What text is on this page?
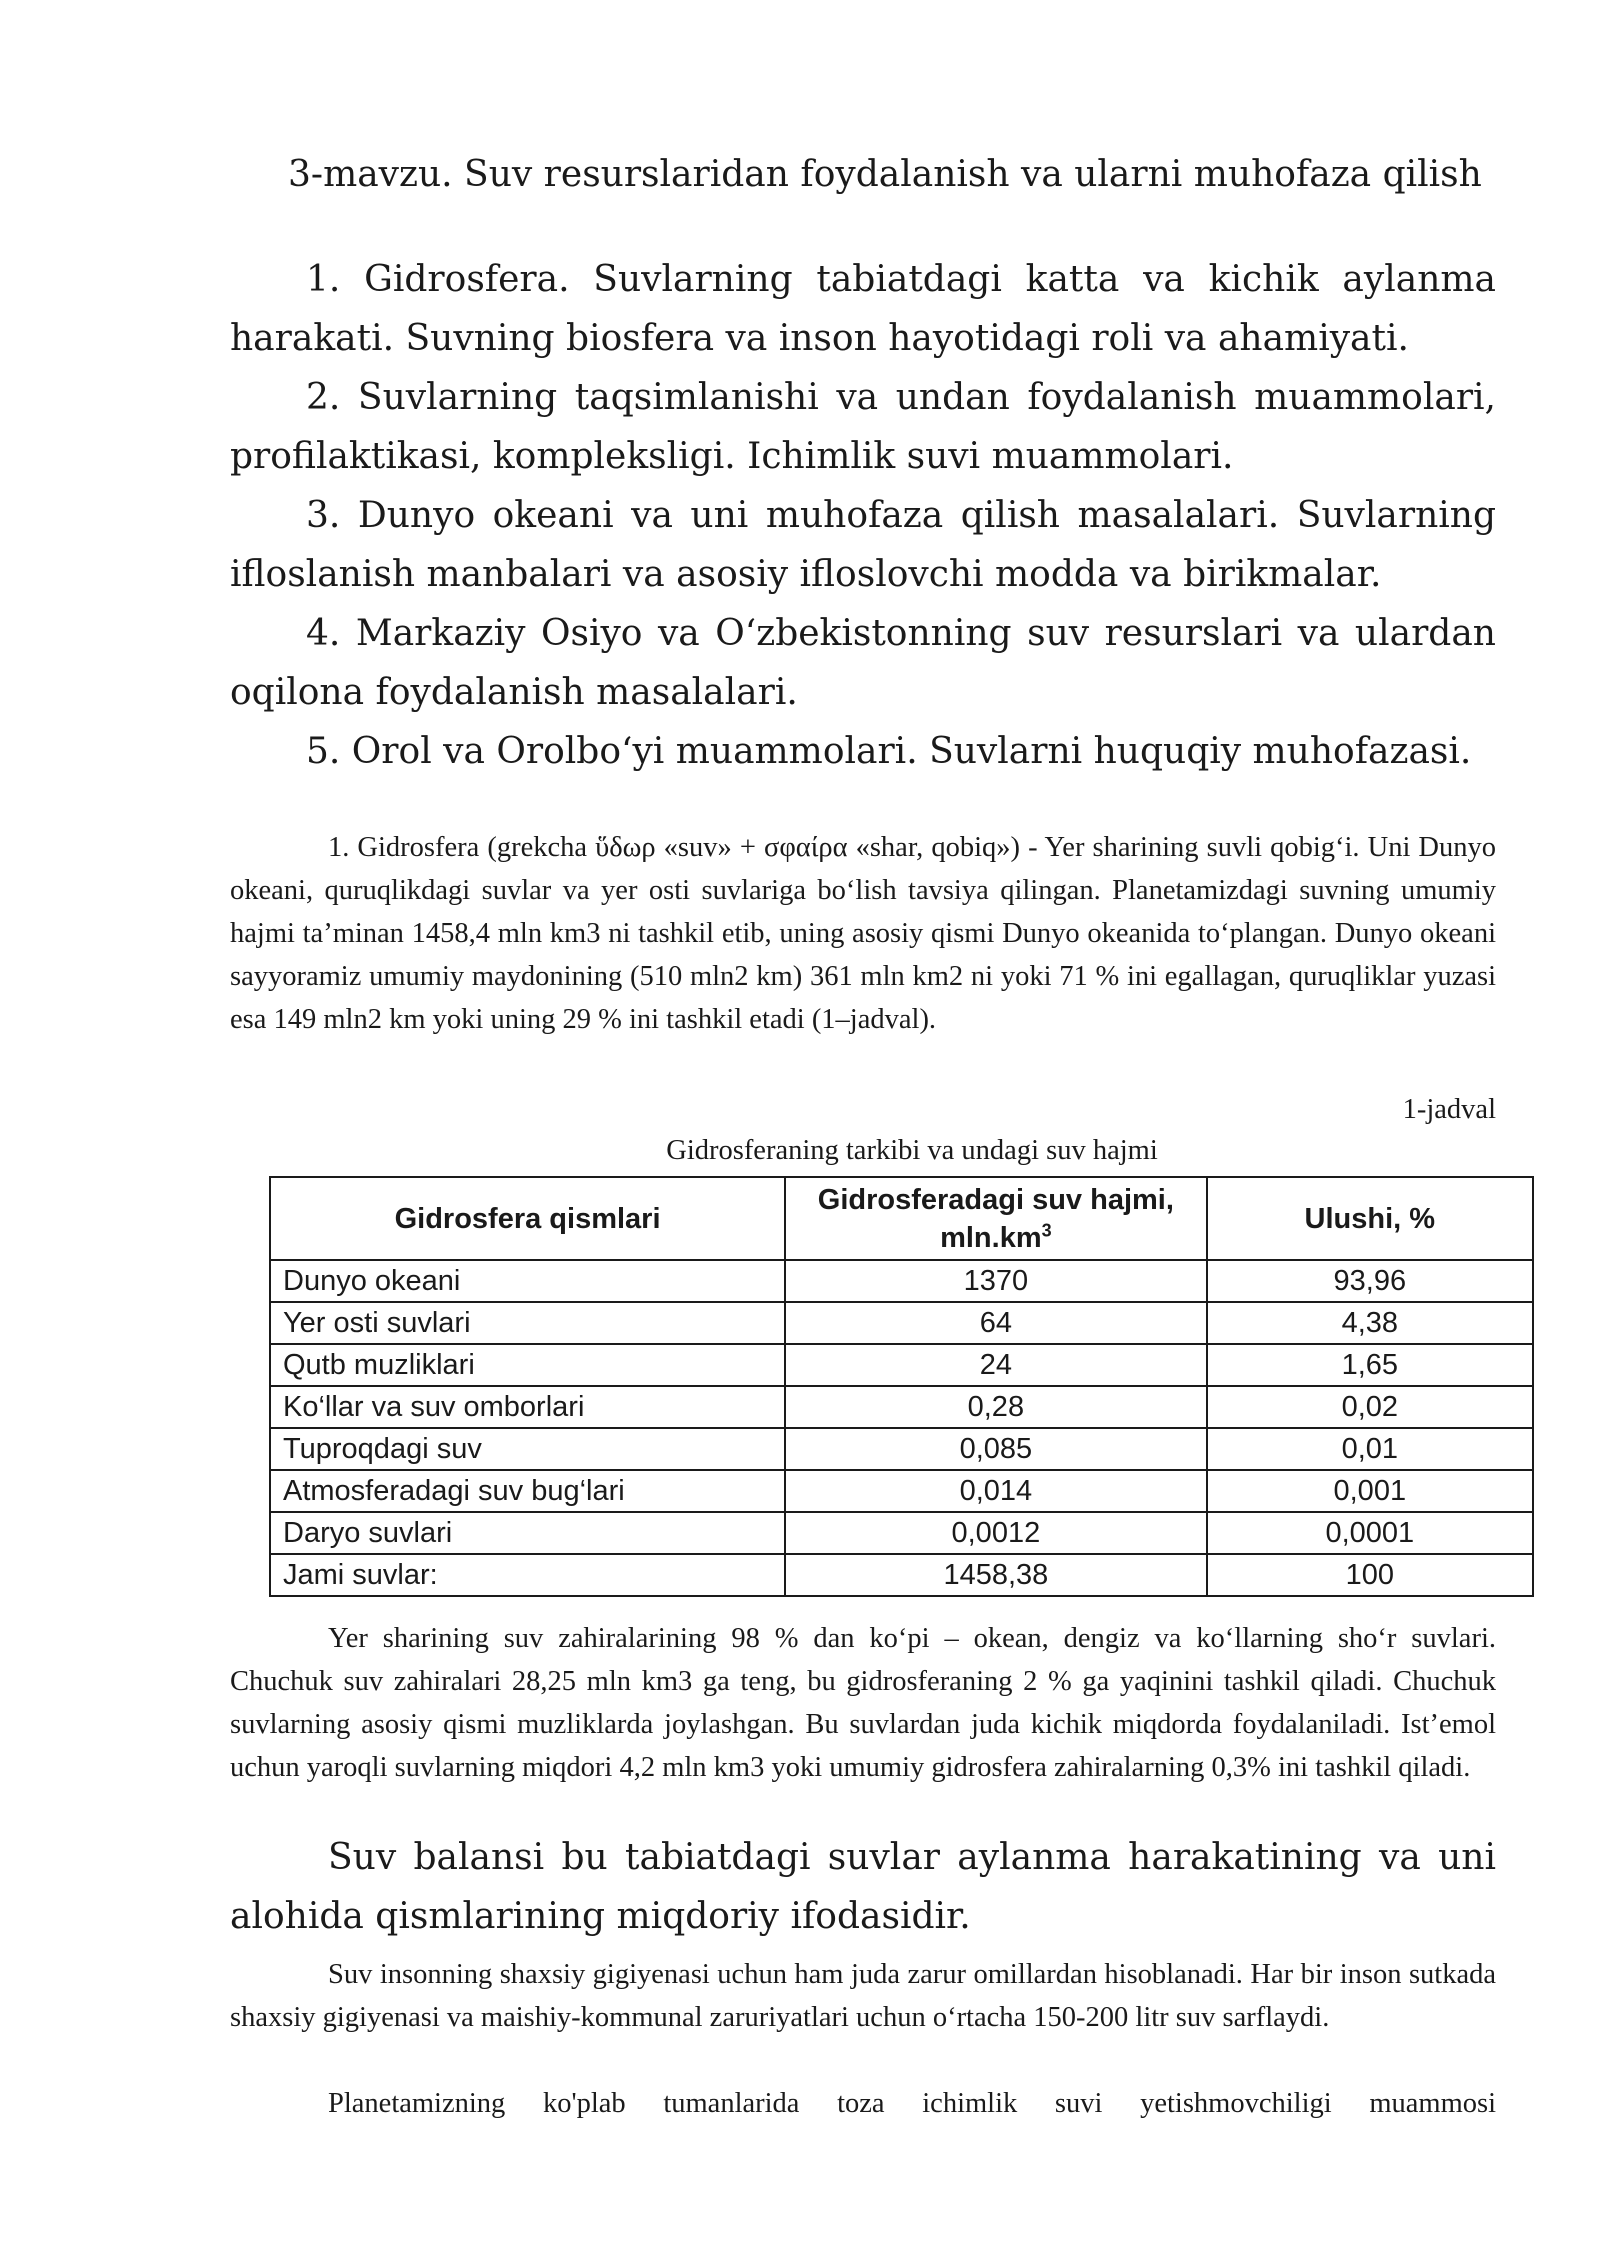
3-mavzu. Suv resurslaridan foydalanish va ularni muhofaza qilish
1. Gidrosfera. Suvlarning tabiatdagi katta va kichik aylanma harakati. Suvning biosfera va inson hayotidagi roli va ahamiyati.
2. Suvlarning taqsimlanishi va undan foydalanish muammolari, profilaktikasi, kompleksligi. Ichimlik suvi muammolari.
3. Dunyo okeani va uni muhofaza qilish masalalari. Suvlarning ifloslanish manbalari va asosiy ifloslovchi modda va birikmalar.
4. Markaziy Osiyo va O‘zbekistonning suv resurslari va ulardan oqilona foydalanish masalalari.
5. Orol va Orolbo‘yi muammolari. Suvlarni huquqiy muhofazasi.

1. Gidrosfera (grekcha ὕδωρ «suv» + σφαίρα «shar, qobiq») - Yer sharining suvli qobig‘i. Uni Dunyo okeani, quruqlikdagi suvlar va yer osti suvlariga bo‘lish tavsiya qilingan. Planetamizdagi suvning umumiy hajmi ta’minan 1458,4 mln km3 ni tashkil etib, uning asosiy qismi Dunyo okeanida to‘plangan. Dunyo okeani sayyoramiz umumiy maydonining (510 mln2 km) 361 mln km2 ni yoki 71 % ini egallagan, quruqliklar yuzasi esa 149 mln2 km yoki uning 29 % ini tashkil etadi (1–jadval).

1-jadval

Gidrosferaning tarkibi va undagi suv hajmi

Gidrosfera qismlari	Gidrosferadagi suv hajmi, $mln.km^3$	Ulushi, %
Dunyo okeani	1370	93,96
Yer osti suvlari	64	4,38
Qutb muzliklari	24	1,65
Ko‘llar va suv omborlari	0,28	0,02
Tuproqdagi suv	0,085	0,01
Atmosferadagi suv bug‘lari	0,014	0,001
Daryo suvlari	0,0012	0,0001
Jami suvlar:	1458,38	100

Yer sharining suv zahiralarining 98 % dan ko‘pi – okean, dengiz va ko‘llarning sho‘r suvlari. Chuchuk suv zahiralari 28,25 mln km3 ga teng, bu gidrosferaning 2 % ga yaqinini tashkil qiladi. Chuchuk suvlarning asosiy qismi muzliklarda joylashgan. Bu suvlardan juda kichik miqdorda foydalaniladi. Ist’emol uchun yaroqli suvlarning miqdori 4,2 mln km3 yoki umumiy gidrosfera zahiralarning 0,3% ini tashkil qiladi.

Suv balansi bu tabiatdagi suvlar aylanma harakatining va uni alohida qismlarining miqdoriy ifodasidir.

Suv insonning shaxsiy gigiyenasi uchun ham juda zarur omillardan hisoblanadi. Har bir inson sutkada shaxsiy gigiyenasi va maishiy-kommunal zaruriyatlari uchun o‘rtacha 150-200 litr suv sarflaydi.

Planetamizning ko'plab tumanlarida toza ichimlik suvi yetishmovchiligi muammosi
